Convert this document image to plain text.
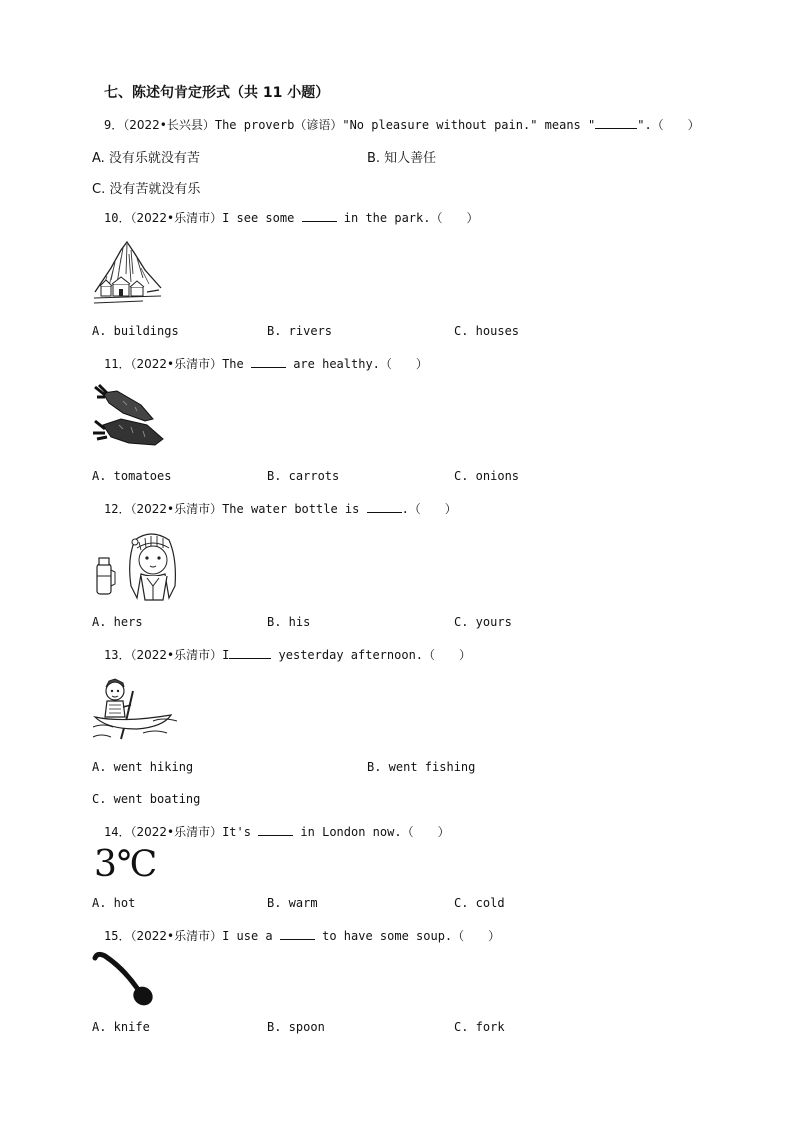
七、陈述句肯定形式（共 11 小题）
9．（2022•长兴县）The proverb（谚语）"No pleasure without pain." means "	".（　　）
A. 没有乐就没有苦	B. 知人善任
C. 没有苦就没有乐
10．（2022•乐清市）I see some	in the park.（　　）
A. buildings	B. rivers	C. houses
11．（2022•乐清市）The	are healthy.（　　）
A. tomatoes	B. carrots	C. onions
12．（2022•乐清市）The water bottle is	.（　　）
A. hers	B. his	C. yours
13．（2022•乐清市）I	yesterday afternoon.（　　）
A. went hiking	B. went fishing
C. went boating
14．（2022•乐清市）It's	in London now.（　　）
3℃
A. hot	B. warm	C. cold
15．（2022•乐清市）I use a	to have some soup.（　　）
A. knife	B. spoon	C. fork
